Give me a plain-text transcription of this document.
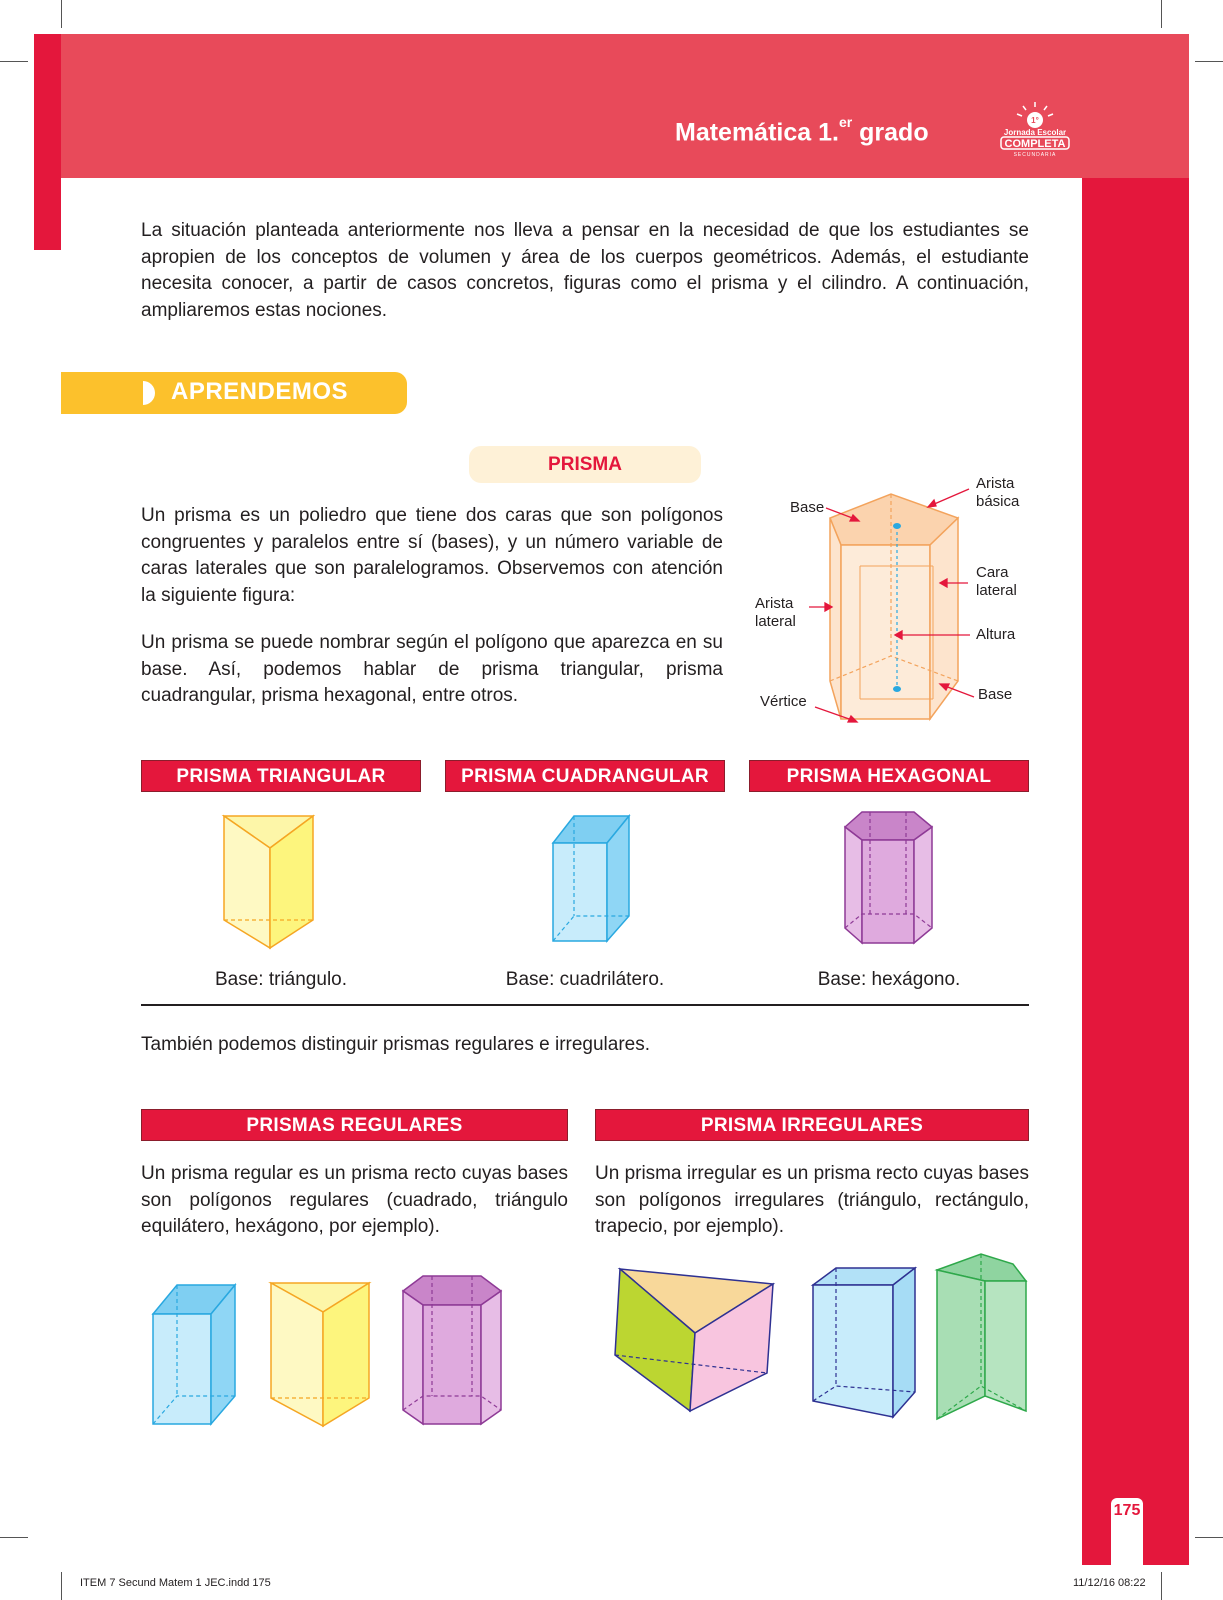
Matemática 1.$^{er}$ grado	1°
Jornada Escolar
COMPLETA
SECUNDARIA

La situación planteada anteriormente nos lleva a pensar en la necesidad de que los estudiantes se apropien de los conceptos de volumen y área de los cuerpos geométricos. Además, el estudiante necesita conocer, a partir de casos concretos, figuras como el prisma y el cilindro. A continuación, ampliaremos estas nociones.

APRENDEMOS
PRISMA

Un prisma es un poliedro que tiene dos caras que son polígonos congruentes y paralelos entre sí (bases), y un número variable de caras laterales que son paralelogramos. Observemos con atención la siguiente figura:

Un prisma se puede nombrar según el polígono que aparezca en su base. Así, podemos hablar de prisma triangular, prisma cuadrangular, prisma hexagonal, entre otros.

Base
Arista
básica
Cara
lateral
Arista
lateral
Altura
Vértice	Base
PRISMA TRIANGULAR	PRISMA CUADRANGULAR	PRISMA HEXAGONAL
Base: triángulo.	Base: cuadrilátero.	Base: hexágono.

También podemos distinguir prismas regulares e irregulares.

PRISMAS REGULARES	PRISMA IRREGULARES

Un prisma regular es un prisma recto cuyas bases son polígonos regulares (cuadrado, triángulo equilátero, hexágono, por ejemplo).

Un prisma irregular es un prisma recto cuyas bases son polígonos irregulares (triángulo, rectángulo, trapecio, por ejemplo).

175
ITEM 7 Secund Matem 1 JEC.indd 175	11/12/16 08:22
